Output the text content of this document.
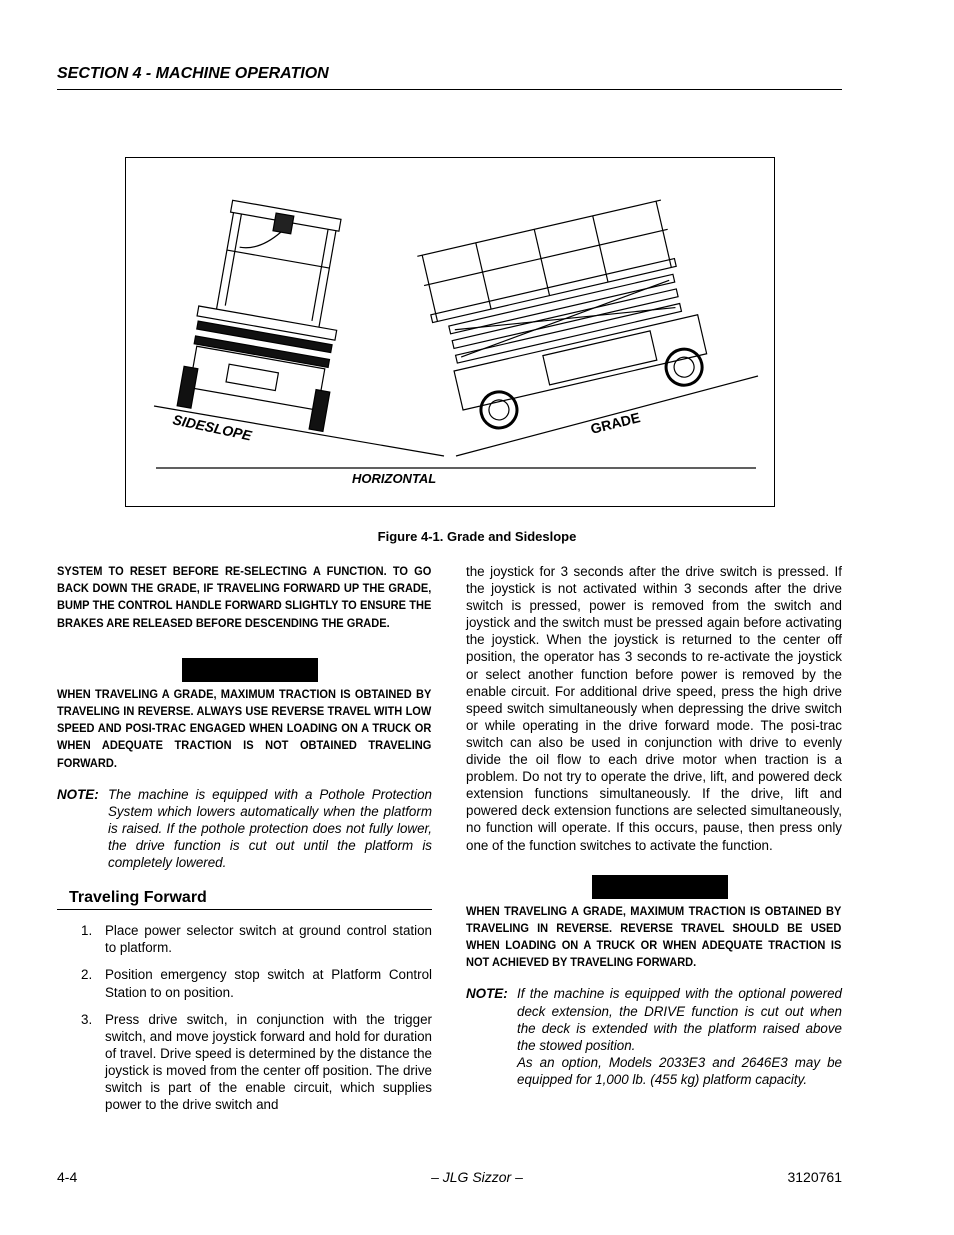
SECTION 4 - MACHINE OPERATION
SIDESLOPE	GRADE
HORIZONTAL
Figure 4-1. Grade and Sideslope

SYSTEM TO RESET BEFORE RE-SELECTING A FUNCTION. TO GO BACK DOWN THE GRADE, IF TRAVELING FORWARD UP THE GRADE, BUMP THE CONTROL HANDLE FORWARD SLIGHTLY TO ENSURE THE BRAKES ARE RELEASED BEFORE DESCENDING THE GRADE.

WHEN TRAVELING A GRADE, MAXIMUM TRACTION IS OBTAINED BY TRAVELING IN REVERSE. ALWAYS USE REVERSE TRAVEL WITH LOW SPEED AND POSI-TRAC ENGAGED WHEN LOADING ON A TRUCK OR WHEN ADEQUATE TRACTION IS NOT OBTAINED TRAVELING FORWARD.

NOTE: The machine is equipped with a Pothole Protection System which lowers automatically when the platform is raised. If the pothole protection does not fully lower, the drive function is cut out until the platform is completely lowered.
Traveling Forward
1. Place power selector switch at ground control station to platform.
2. Position emergency stop switch at Platform Control Station to on position.
3. Press drive switch, in conjunction with the trigger switch, and move joystick forward and hold for duration of travel. Drive speed is determined by the distance the joystick is moved from the center off position. The drive switch is part of the enable circuit, which supplies power to the drive switch and

the joystick for 3 seconds after the drive switch is pressed. If the joystick is not activated within 3 seconds after the drive switch is pressed, power is removed from the switch and joystick and the switch must be pressed again before activating the joystick. When the joystick is returned to the center off position, the operator has 3 seconds to re-activate the joystick or select another function before power is removed by the enable circuit. For additional drive speed, press the high drive speed switch simultaneously when depressing the drive switch or while operating in the drive forward mode. The posi-trac switch can also be used in conjunction with drive to evenly divide the oil flow to each drive motor when traction is a problem. Do not try to operate the drive, lift, and powered deck extension functions simultaneously. If the drive, lift and powered deck extension functions are selected simultaneously, no function will operate. If this occurs, pause, then press only one of the function switches to activate the function.

WHEN TRAVELING A GRADE, MAXIMUM TRACTION IS OBTAINED BY TRAVELING IN REVERSE. REVERSE TRAVEL SHOULD BE USED WHEN LOADING ON A TRUCK OR WHEN ADEQUATE TRACTION IS NOT ACHIEVED BY TRAVELING FORWARD.

NOTE: If the machine is equipped with the optional powered deck extension, the DRIVE function is cut out when the deck is extended with the platform raised above the stowed position.
As an option, Models 2033E3 and 2646E3 may be equipped for 1,000 lb. (455 kg) platform capacity.
4-4	– JLG Sizzor –	3120761
